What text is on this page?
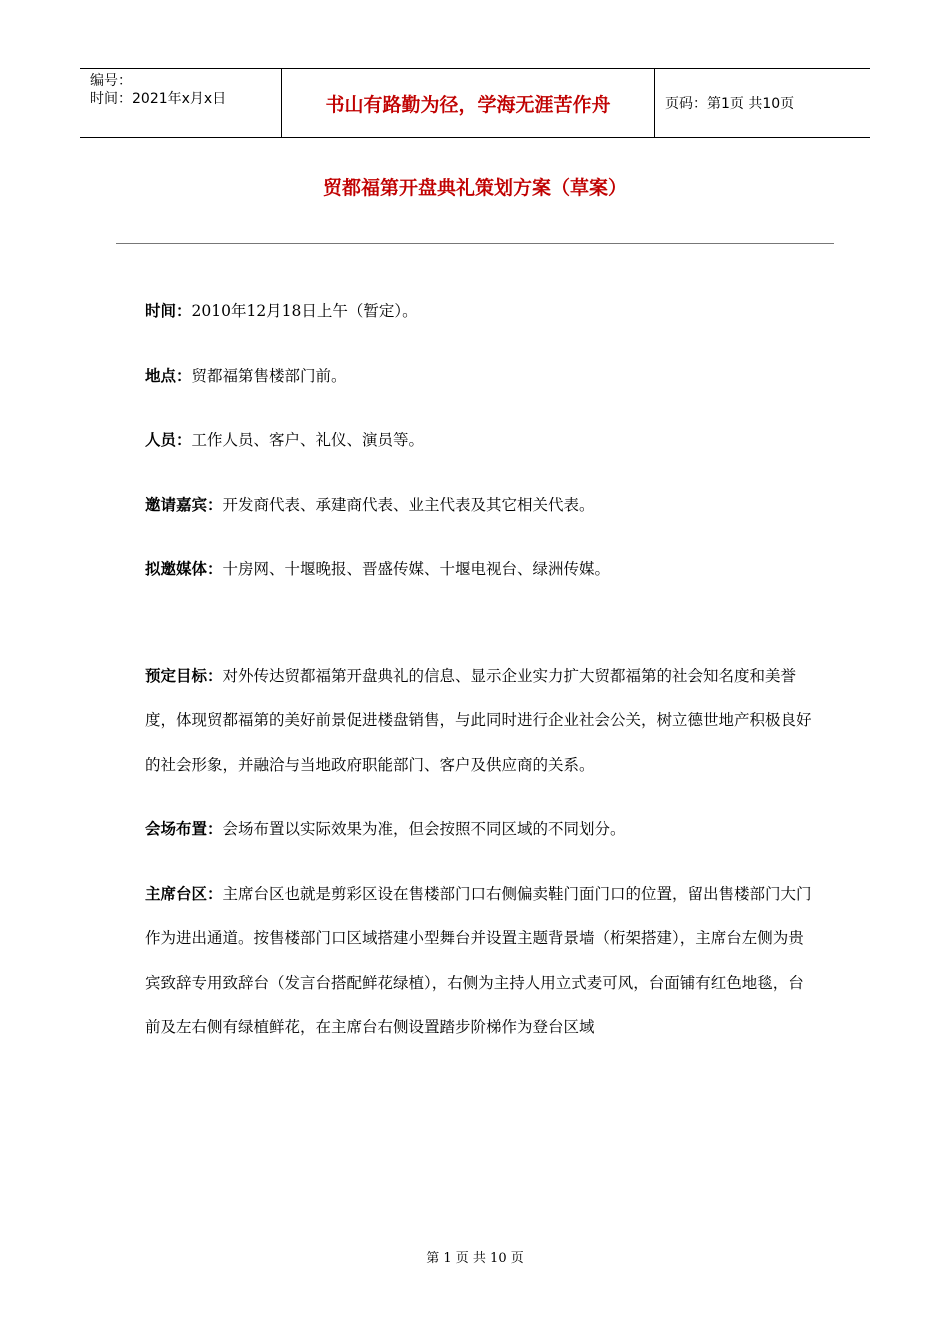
编号：
时间：2021年x月x日	书山有路勤为径，学海无涯苦作舟	页码：第1页 共10页
贸都福第开盘典礼策划方案（草案）

时间：2010年12月18日上午（暂定）。

地点：贸都福第售楼部门前。

人员：工作人员、客户、礼仪、演员等。

邀请嘉宾：开发商代表、承建商代表、业主代表及其它相关代表。

拟邀媒体：十房网、十堰晚报、晋盛传媒、十堰电视台、绿洲传媒。

预定目标：对外传达贸都福第开盘典礼的信息、显示企业实力扩大贸都福第的社会知名度和美誉度，体现贸都福第的美好前景促进楼盘销售，与此同时进行企业社会公关，树立德世地产积极良好的社会形象，并融洽与当地政府职能部门、客户及供应商的关系。

会场布置：会场布置以实际效果为准，但会按照不同区域的不同划分。

主席台区：主席台区也就是剪彩区设在售楼部门口右侧偏卖鞋门面门口的位置，留出售楼部门大门作为进出通道。按售楼部门口区域搭建小型舞台并设置主题背景墙（桁架搭建），主席台左侧为贵宾致辞专用致辞台（发言台搭配鲜花绿植），右侧为主持人用立式麦可风，台面铺有红色地毯，台前及左右侧有绿植鲜花，在主席台右侧设置踏步阶梯作为登台区域

第 1 页 共 10 页
